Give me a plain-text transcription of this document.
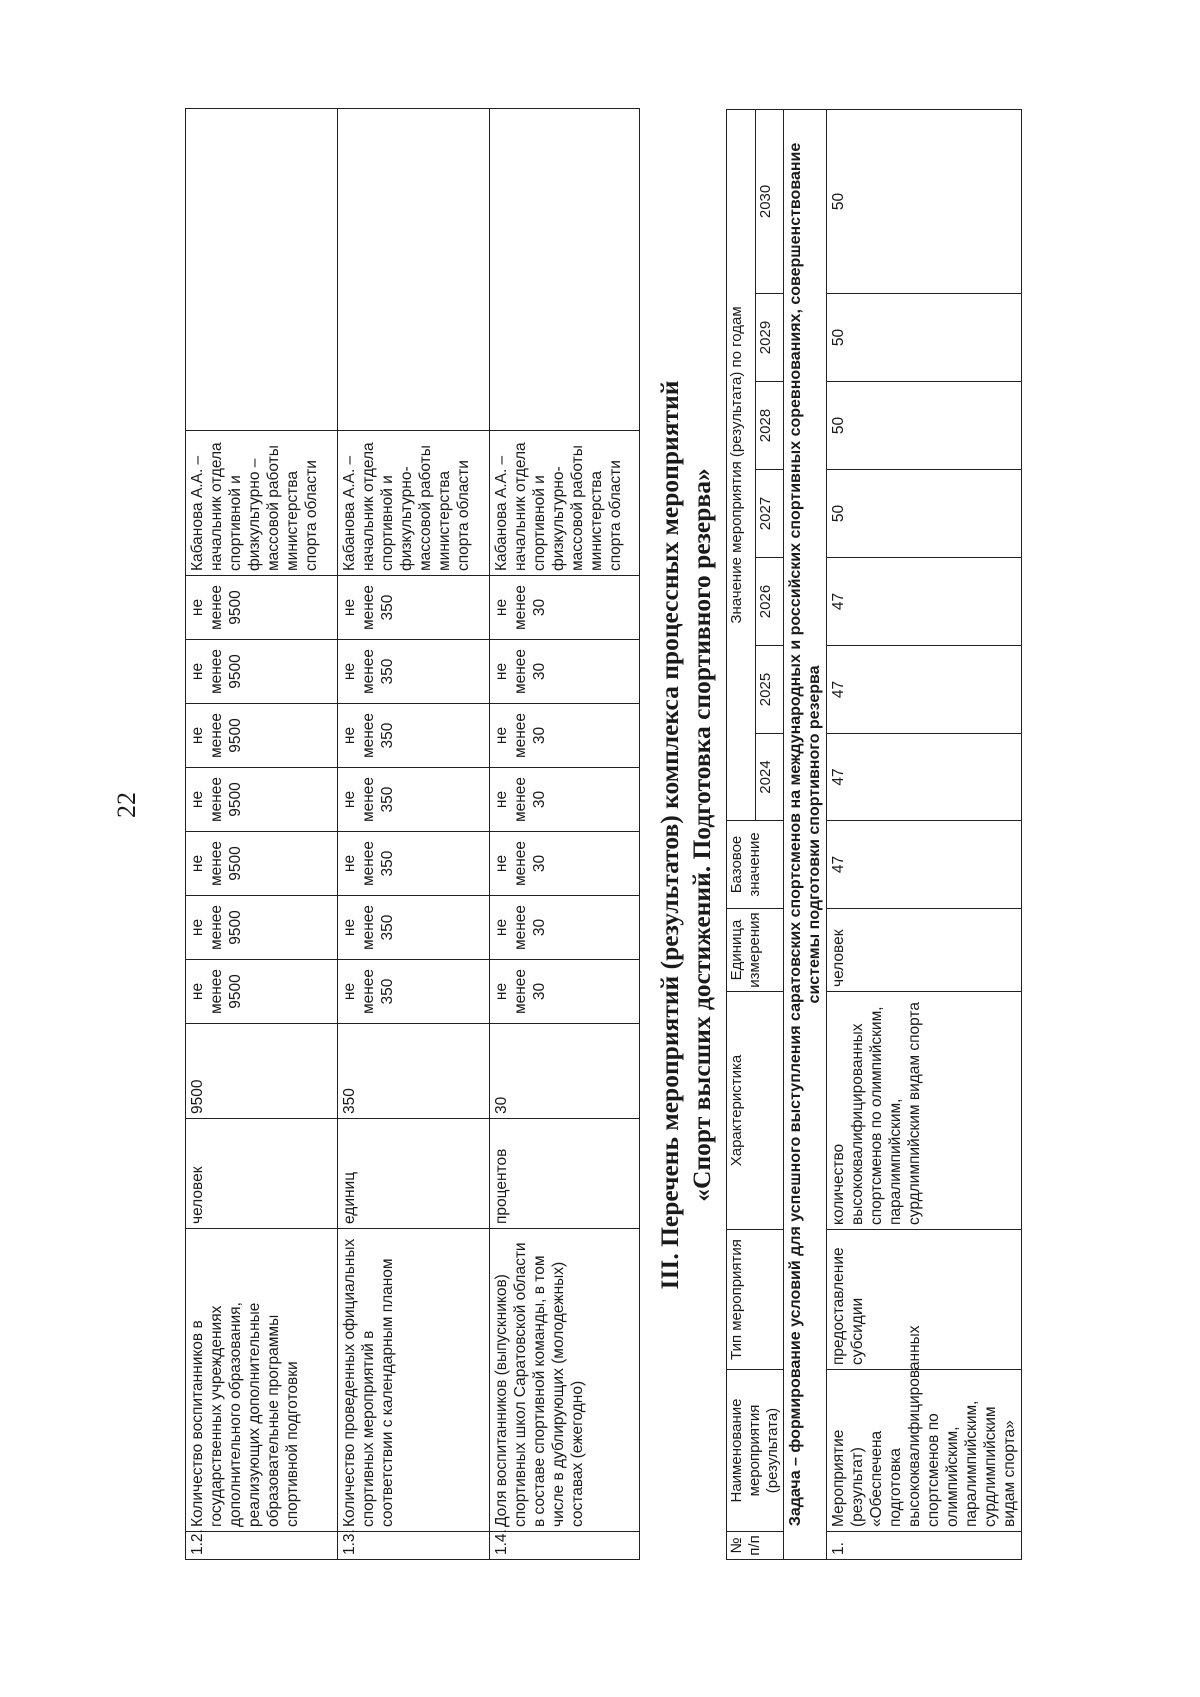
22
1.2.	Количество воспитанников в государственных учреждениях дополнительного образования, реализующих дополнительные образовательные программы спортивной подготовки	человек	9500	не менее 9500	не менее 9500	не менее 9500	не менее 9500	не менее 9500	не менее 9500	не менее 9500	Кабанова А.А. – начальник отдела спортивной и физкультурно – массовой работы министерства спорта области	
1.3.	Количество проведенных официальных спортивных мероприятий в соответствии с календарным планом	единиц	350	не менее 350	не менее 350	не менее 350	не менее 350	не менее 350	не менее 350	не менее 350	Кабанова А.А. – начальник отдела спортивной и физкультурно- массовой работы министерства спорта области	
1.4.	Доля воспитанников (выпускников) спортивных школ Саратовской области в составе спортивной команды, в том числе в дублирующих (молодежных) составах (ежегодно)	процентов	30	не менее 30	не менее 30	не менее 30	не менее 30	не менее 30	не менее 30	не менее 30	Кабанова А.А. – начальник отдела спортивной и физкультурно- массовой работы министерства спорта области	III. Перечень мероприятий (результатов) комплекса процессных мероприятий «Спорт высших достижений. Подготовка спортивного резерва»
№ п/п	Наименование мероприятия (результата)	Тип мероприятия	Характеристика	Единица измерения	Базовое значение	Значение мероприятия (результата) по годам						
						2024	2025	2026	2027	2028	2029	2030
Задача – формирование условий для успешного выступления саратовских спортсменов на международных и российских спортивных соревнованиях, совершенствование системы подготовки спортивного резерва												
1.	Мероприятие (результат) «Обеспечена подготовка высококвалифицированных спортсменов по олимпийским, паралимпийским, сурдлимпийским видам спорта»	предоставление субсидии	количество высококвалифицированных спортсменов по олимпийским, паралимпийским, сурдлимпийским видам спорта	человек	47	47	47	47	50	50	50	50
